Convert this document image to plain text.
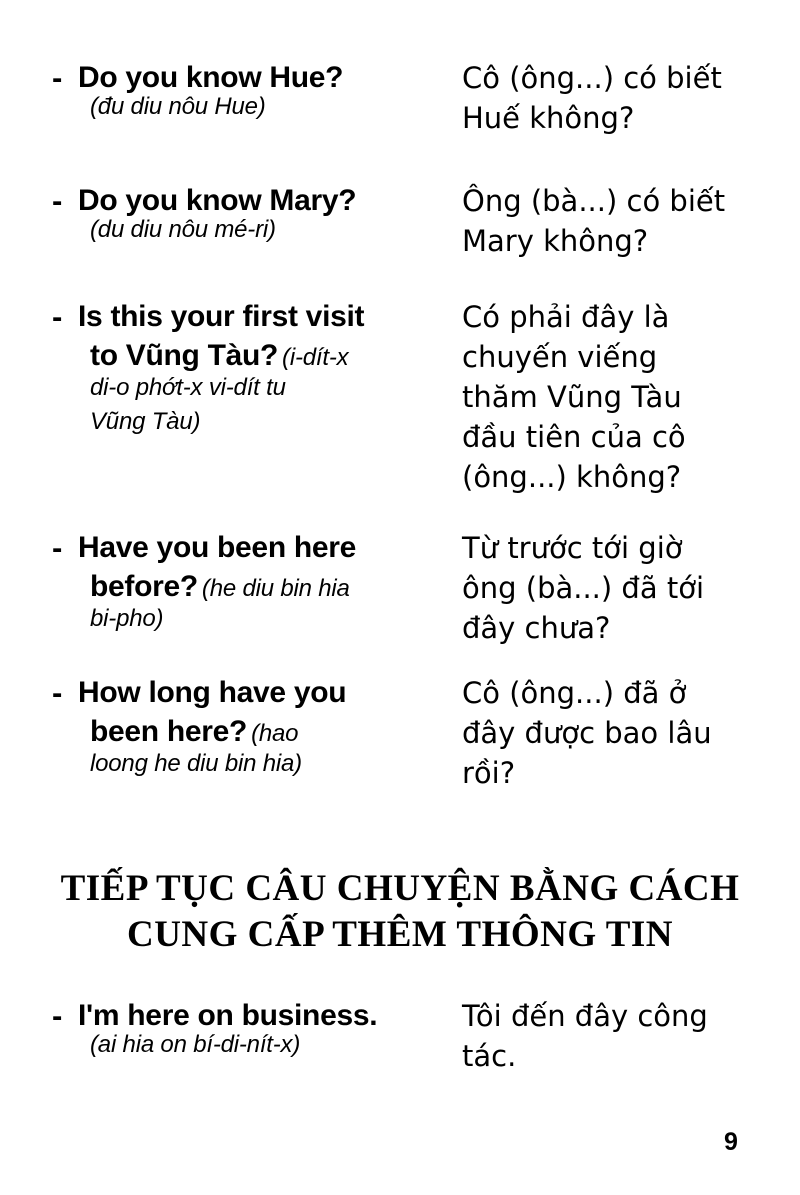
- Do you know Hue?

(đu diu nôu Hue)
Cô (ông...) có biết
Huế không?
- Do you know Mary?

(du diu nôu mé-ri)
Ông (bà...) có biết
Mary không?
- Is this your first visit
to Vũng Tàu? (i-dít-x
di-o phớt-x vi-dít tu
Vũng Tàu)
Có phải đây là
chuyến viếng
thăm Vũng Tàu
đầu tiên của cô
(ông...) không?
- Have you been here
before? (he diu bin hia
bi-pho)
Từ trước tới giờ
ông (bà...) đã tới
đây chưa?
- How long have you
been here? (hao
loong he diu bin hia)
Cô (ông...) đã ở
đây được bao lâu
rồi?
TIẾP TỤC CÂU CHUYỆN BẰNG CÁCH
CUNG CẤP THÊM THÔNG TIN
- I'm here on business.

(ai hia on bí-di-nít-x)
Tôi đến đây công
tác.
9
